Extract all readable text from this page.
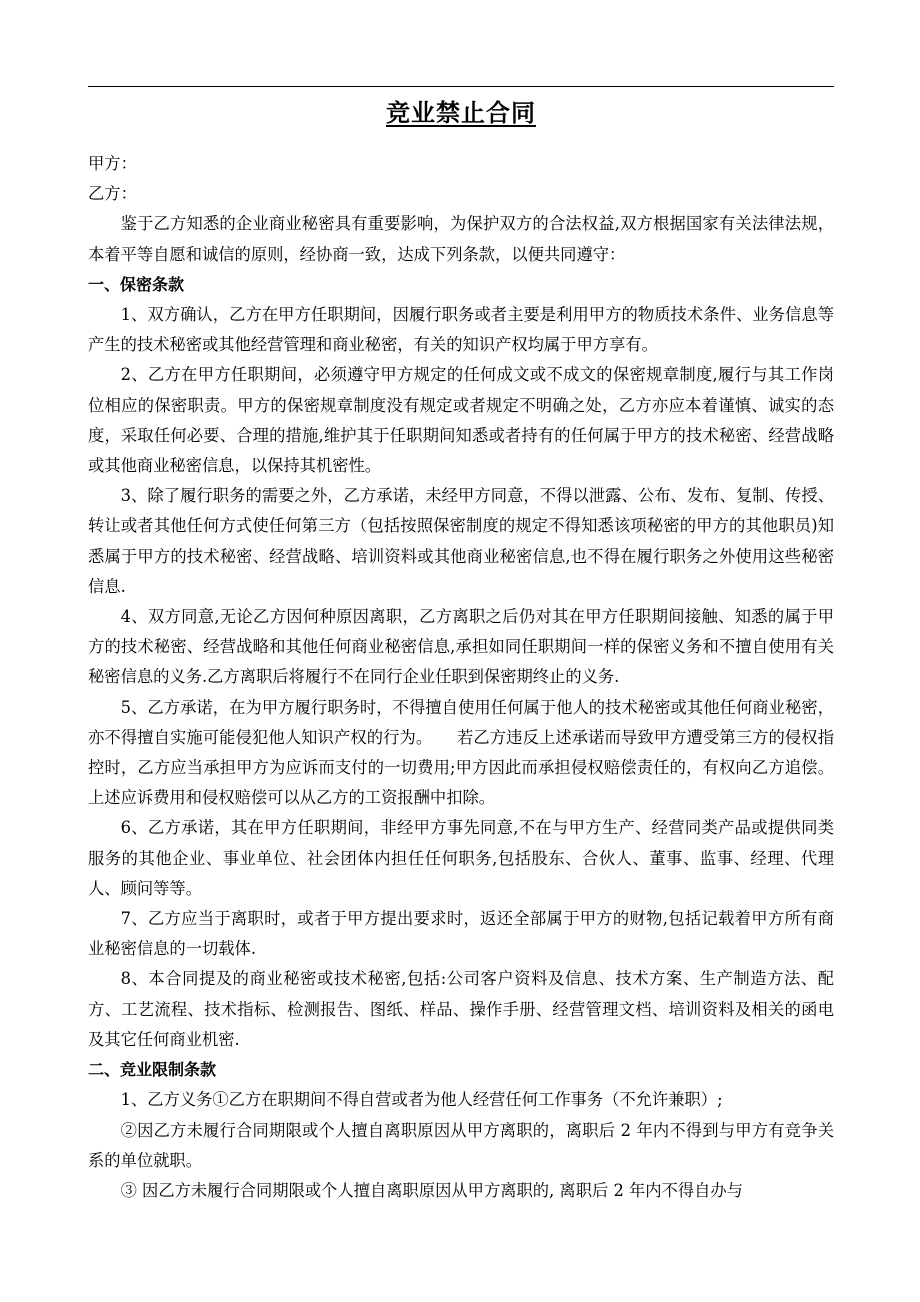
竞业禁止合同

甲方：

乙方：

鉴于乙方知悉的企业商业秘密具有重要影响，为保护双方的合法权益,双方根据国家有关法律法规，本着平等自愿和诚信的原则，经协商一致，达成下列条款，以便共同遵守：

一、保密条款

1、双方确认，乙方在甲方任职期间，因履行职务或者主要是利用甲方的物质技术条件、业务信息等产生的技术秘密或其他经营管理和商业秘密，有关的知识产权均属于甲方享有。

2、乙方在甲方任职期间，必须遵守甲方规定的任何成文或不成文的保密规章制度,履行与其工作岗位相应的保密职责。甲方的保密规章制度没有规定或者规定不明确之处，乙方亦应本着谨慎、诚实的态度，采取任何必要、合理的措施,维护其于任职期间知悉或者持有的任何属于甲方的技术秘密、经营战略或其他商业秘密信息，以保持其机密性。

3、除了履行职务的需要之外，乙方承诺，未经甲方同意，不得以泄露、公布、发布、复制、传授、转让或者其他任何方式使任何第三方（包括按照保密制度的规定不得知悉该项秘密的甲方的其他职员)知悉属于甲方的技术秘密、经营战略、培训资料或其他商业秘密信息,也不得在履行职务之外使用这些秘密信息.

4、双方同意,无论乙方因何种原因离职，乙方离职之后仍对其在甲方任职期间接触、知悉的属于甲方的技术秘密、经营战略和其他任何商业秘密信息,承担如同任职期间一样的保密义务和不擅自使用有关秘密信息的义务.乙方离职后将履行不在同行企业任职到保密期终止的义务.

5、乙方承诺，在为甲方履行职务时，不得擅自使用任何属于他人的技术秘密或其他任何商业秘密，亦不得擅自实施可能侵犯他人知识产权的行为。　　若乙方违反上述承诺而导致甲方遭受第三方的侵权指控时，乙方应当承担甲方为应诉而支付的一切费用;甲方因此而承担侵权赔偿责任的，有权向乙方追偿。上述应诉费用和侵权赔偿可以从乙方的工资报酬中扣除。

6、乙方承诺，其在甲方任职期间，非经甲方事先同意,不在与甲方生产、经营同类产品或提供同类服务的其他企业、事业单位、社会团体内担任任何职务,包括股东、合伙人、董事、监事、经理、代理人、顾问等等。

7、乙方应当于离职时，或者于甲方提出要求时，返还全部属于甲方的财物,包括记载着甲方所有商业秘密信息的一切载体.

8、本合同提及的商业秘密或技术秘密,包括:公司客户资料及信息、技术方案、生产制造方法、配方、工艺流程、技术指标、检测报告、图纸、样品、操作手册、经营管理文档、培训资料及相关的函电及其它任何商业机密.

二、竞业限制条款

1、乙方义务①乙方在职期间不得自营或者为他人经营任何工作事务（不允许兼职）;

②因乙方未履行合同期限或个人擅自离职原因从甲方离职的，离职后 2 年内不得到与甲方有竞争关系的单位就职。

③ 因乙方未履行合同期限或个人擅自离职原因从甲方离职的, 离职后 2 年内不得自办与
